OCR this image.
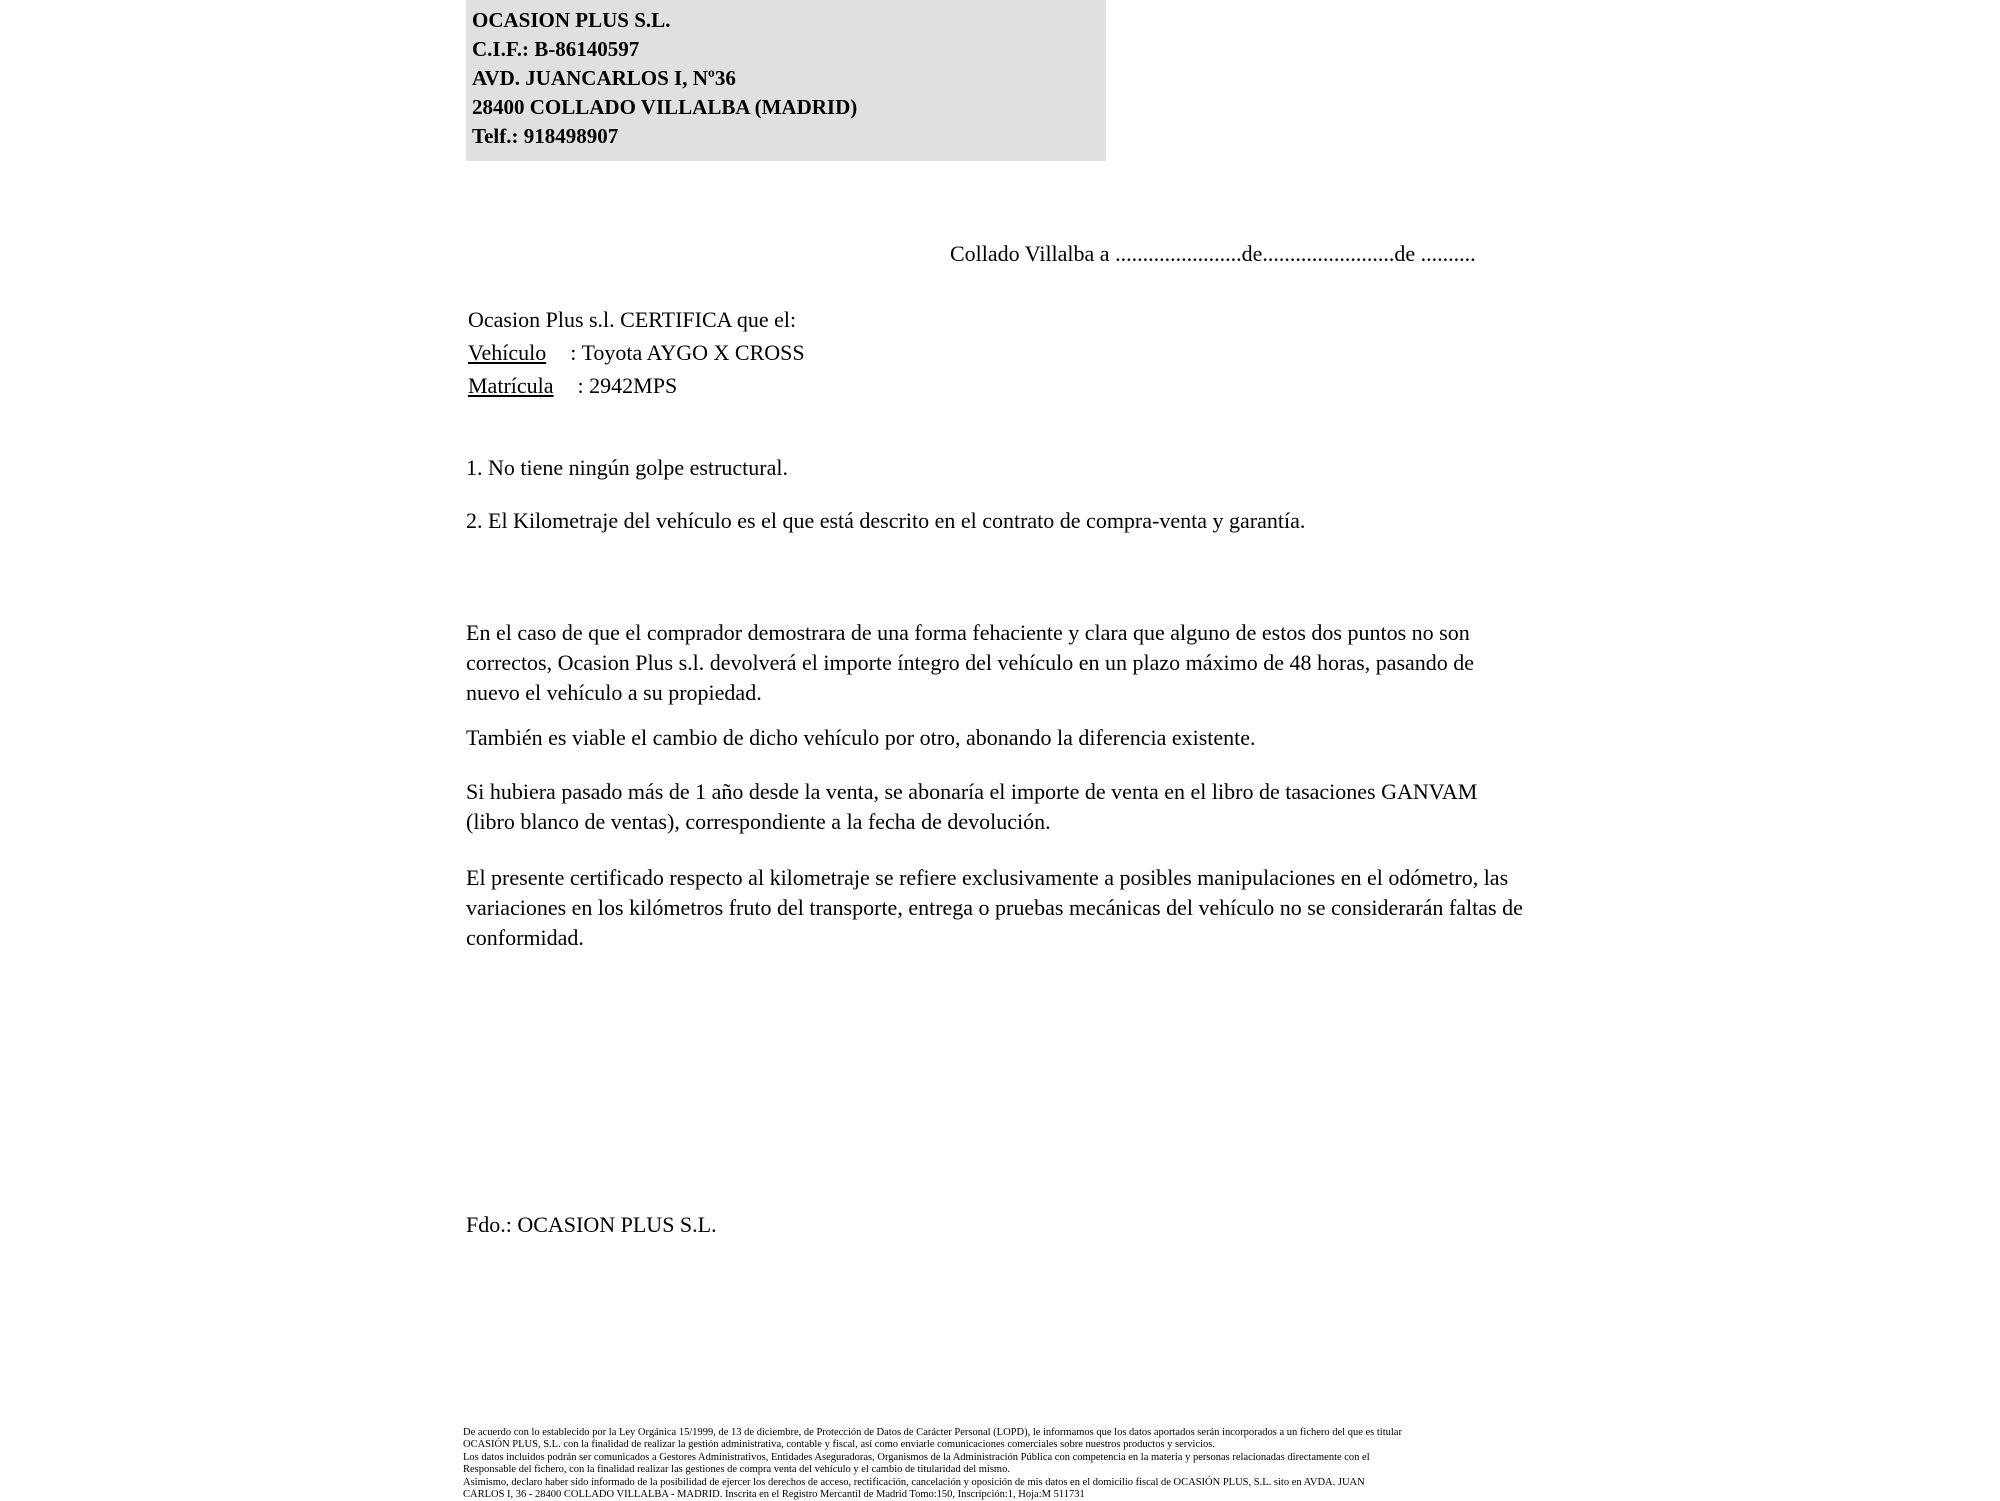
OCASION PLUS S.L.
C.I.F.: B-86140597
AVD. JUANCARLOS I, Nº36
28400 COLLADO VILLALBA (MADRID)
Telf.: 918498907
Collado Villalba a .......................de........................de ..........
Ocasion Plus s.l. CERTIFICA que el:
Vehículo : Toyota AYGO X CROSS
Matrícula : 2942MPS
1. No tiene ningún golpe estructural.
2. El Kilometraje del vehículo es el que está descrito en el contrato de compra-venta y garantía.
En el caso de que el comprador demostrara de una forma fehaciente y clara que alguno de estos dos puntos no son correctos, Ocasion Plus s.l. devolverá el importe íntegro del vehículo en un plazo máximo de 48 horas, pasando de nuevo el vehículo a su propiedad.
También es viable el cambio de dicho vehículo por otro, abonando la diferencia existente.
Si hubiera pasado más de 1 año desde la venta, se abonaría el importe de venta en el libro de tasaciones GANVAM (libro blanco de ventas), correspondiente a la fecha de devolución.
El presente certificado respecto al kilometraje se refiere exclusivamente a posibles manipulaciones en el odómetro, las variaciones en los kilómetros fruto del transporte, entrega o pruebas mecánicas del vehículo no se considerarán faltas de conformidad.
Fdo.: OCASION PLUS S.L.

De acuerdo con lo establecido por la Ley Orgánica 15/1999, de 13 de diciembre, de Protección de Datos de Carácter Personal (LOPD), le informamos que los datos aportados serán incorporados a un fichero del que es titular

OCASIÓN PLUS, S.L. con la finalidad de realizar la gestión administrativa, contable y fiscal, así como enviarle comunicaciones comerciales sobre nuestros productos y servicios.

Los datos incluidos podrán ser comunicados a Gestores Administrativos, Entidades Aseguradoras, Organismos de la Administración Pública con competencia en la materia y personas relacionadas directamente con el

Responsable del fichero, con la finalidad realizar las gestiones de compra venta del vehículo y el cambio de titularidad del mismo.

Asimismo, declaro haber sido informado de la posibilidad de ejercer los derechos de acceso, rectificación, cancelación y oposición de mis datos en el domicilio fiscal de OCASIÓN PLUS, S.L. sito en AVDA. JUAN

CARLOS I, 36 - 28400 COLLADO VILLALBA - MADRID. Inscrita en el Registro Mercantil de Madrid Tomo:150, Inscripción:1, Hoja:M 511731
